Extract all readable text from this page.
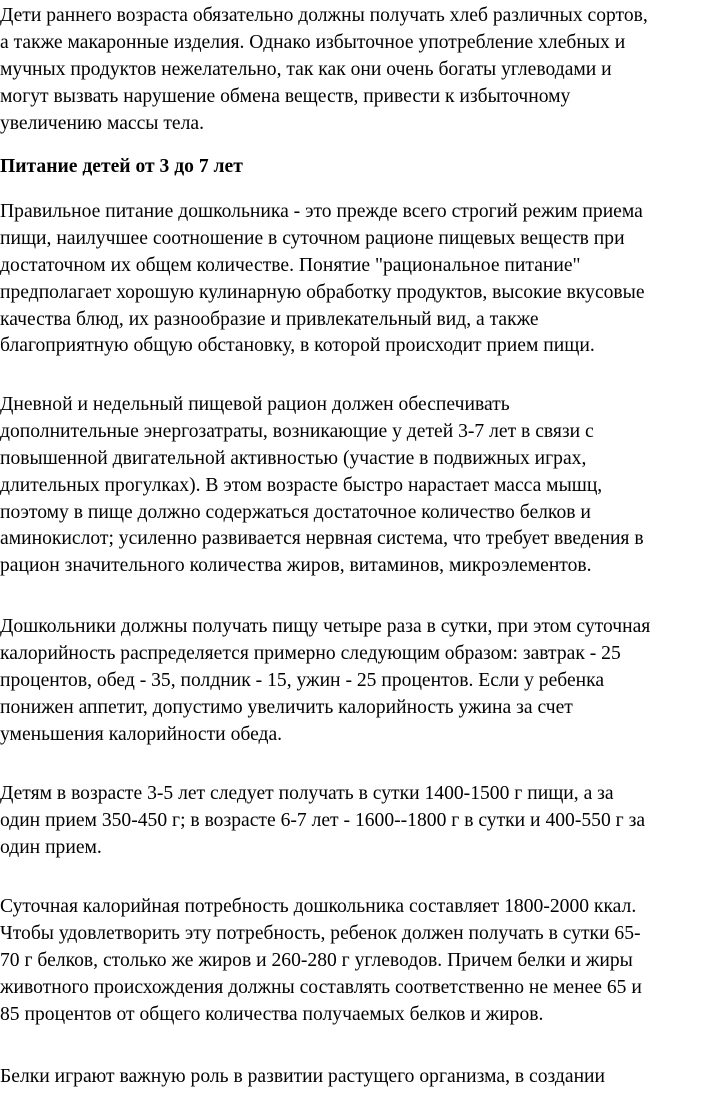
Дети раннего возраста обязательно должны получать хлеб различных сортов,
а также макаронные изделия. Однако избыточное употребление хлебных и
мучных продуктов нежелательно, так как они очень богаты углеводами и
могут вызвать нарушение обмена веществ, привести к избыточному
увеличению массы тела.
Питание детей от 3 до 7 лет
Правильное питание дошкольника - это прежде всего строгий режим приема
пищи, наилучшее соотношение в суточном рационе пищевых веществ при
достаточном их общем количестве. Понятие "рациональное питание"
предполагает хорошую кулинарную обработку продуктов, высокие вкусовые
качества блюд, их разнообразие и привлекательный вид, а также
благоприятную общую обстановку, в которой происходит прием пищи.
Дневной и недельный пищевой рацион должен обеспечивать
дополнительные энергозатраты, возникающие у детей 3-7 лет в связи с
повышенной двигательной активностью (участие в подвижных играх,
длительных прогулках). В этом возрасте быстро нарастает масса мышц,
поэтому в пище должно содержаться достаточное количество белков и
аминокислот; усиленно развивается нервная система, что требует введения в
рацион значительного количества жиров, витаминов, микроэлементов.
Дошкольники должны получать пищу четыре раза в сутки, при этом суточная
калорийность распределяется примерно следующим образом: завтрак - 25
процентов, обед - 35, полдник - 15, ужин - 25 процентов. Если у ребенка
понижен аппетит, допустимо увеличить калорийность ужина за счет
уменьшения калорийности обеда.
Детям в возрасте 3-5 лет следует получать в сутки 1400-1500 г пищи, а за
один прием 350-450 г; в возрасте 6-7 лет - 1600--1800 г в сутки и 400-550 г за
один прием.
Суточная калорийная потребность дошкольника составляет 1800-2000 ккал.
Чтобы удовлетворить эту потребность, ребенок должен получать в сутки 65-
70 г белков, столько же жиров и 260-280 г углеводов. Причем белки и жиры
животного происхождения должны составлять соответственно не менее 65 и
85 процентов от общего количества получаемых белков и жиров.
Белки играют важную роль в развитии растущего организма, в создании
